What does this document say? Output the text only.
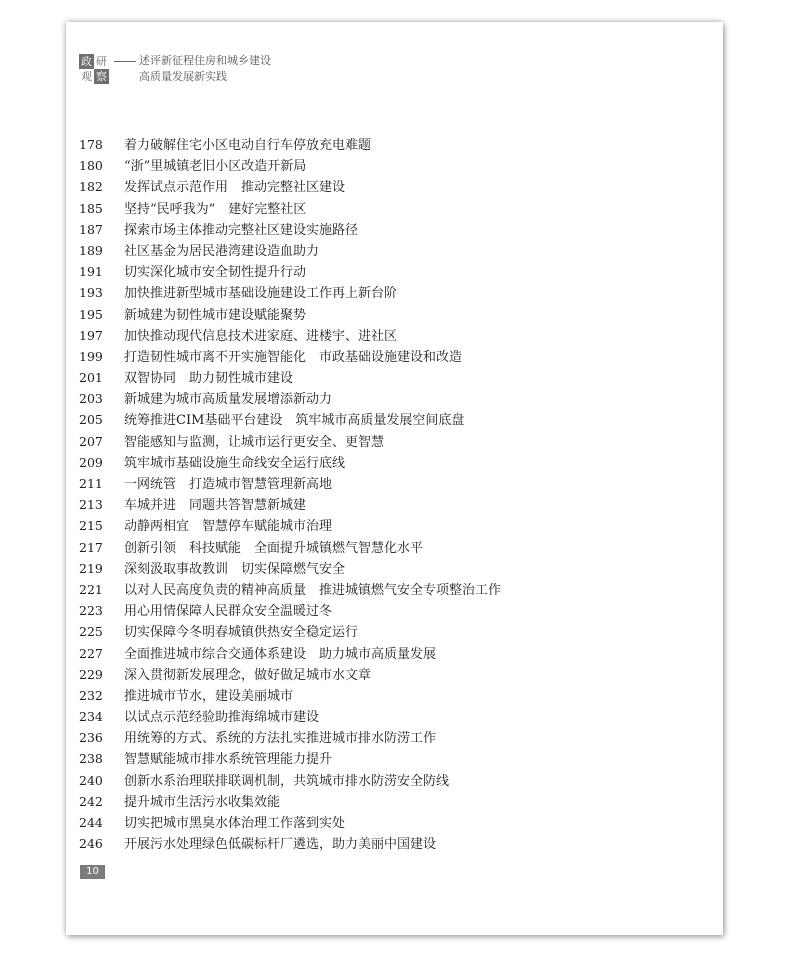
政 研
观 察
述评新征程住房和城乡建设
高质量发展新实践
178 着力破解住宅小区电动自行车停放充电难题
180 “浙”里城镇老旧小区改造开新局
182 发挥试点示范作用　推动完整社区建设
185 坚持“民呼我为”　建好完整社区
187 探索市场主体推动完整社区建设实施路径
189 社区基金为居民港湾建设造血助力
191 切实深化城市安全韧性提升行动
193 加快推进新型城市基础设施建设工作再上新台阶
195 新城建为韧性城市建设赋能聚势
197 加快推动现代信息技术进家庭、进楼宇、进社区
199 打造韧性城市离不开实施智能化　市政基础设施建设和改造
201 双智协同　助力韧性城市建设
203 新城建为城市高质量发展增添新动力
205 统筹推进CIM基础平台建设　筑牢城市高质量发展空间底盘
207 智能感知与监测，让城市运行更安全、更智慧
209 筑牢城市基础设施生命线安全运行底线
211 一网统管　打造城市智慧管理新高地
213 车城并进　同题共答智慧新城建
215 动静两相宜　智慧停车赋能城市治理
217 创新引领　科技赋能　全面提升城镇燃气智慧化水平
219 深刻汲取事故教训　切实保障燃气安全
221 以对人民高度负责的精神高质量　推进城镇燃气安全专项整治工作
223 用心用情保障人民群众安全温暖过冬
225 切实保障今冬明春城镇供热安全稳定运行
227 全面推进城市综合交通体系建设　助力城市高质量发展
229 深入贯彻新发展理念，做好做足城市水文章
232 推进城市节水，建设美丽城市
234 以试点示范经验助推海绵城市建设
236 用统筹的方式、系统的方法扎实推进城市排水防涝工作
238 智慧赋能城市排水系统管理能力提升
240 创新水系治理联排联调机制，共筑城市排水防涝安全防线
242 提升城市生活污水收集效能
244 切实把城市黑臭水体治理工作落到实处
246 开展污水处理绿色低碳标杆厂遴选，助力美丽中国建设
10
